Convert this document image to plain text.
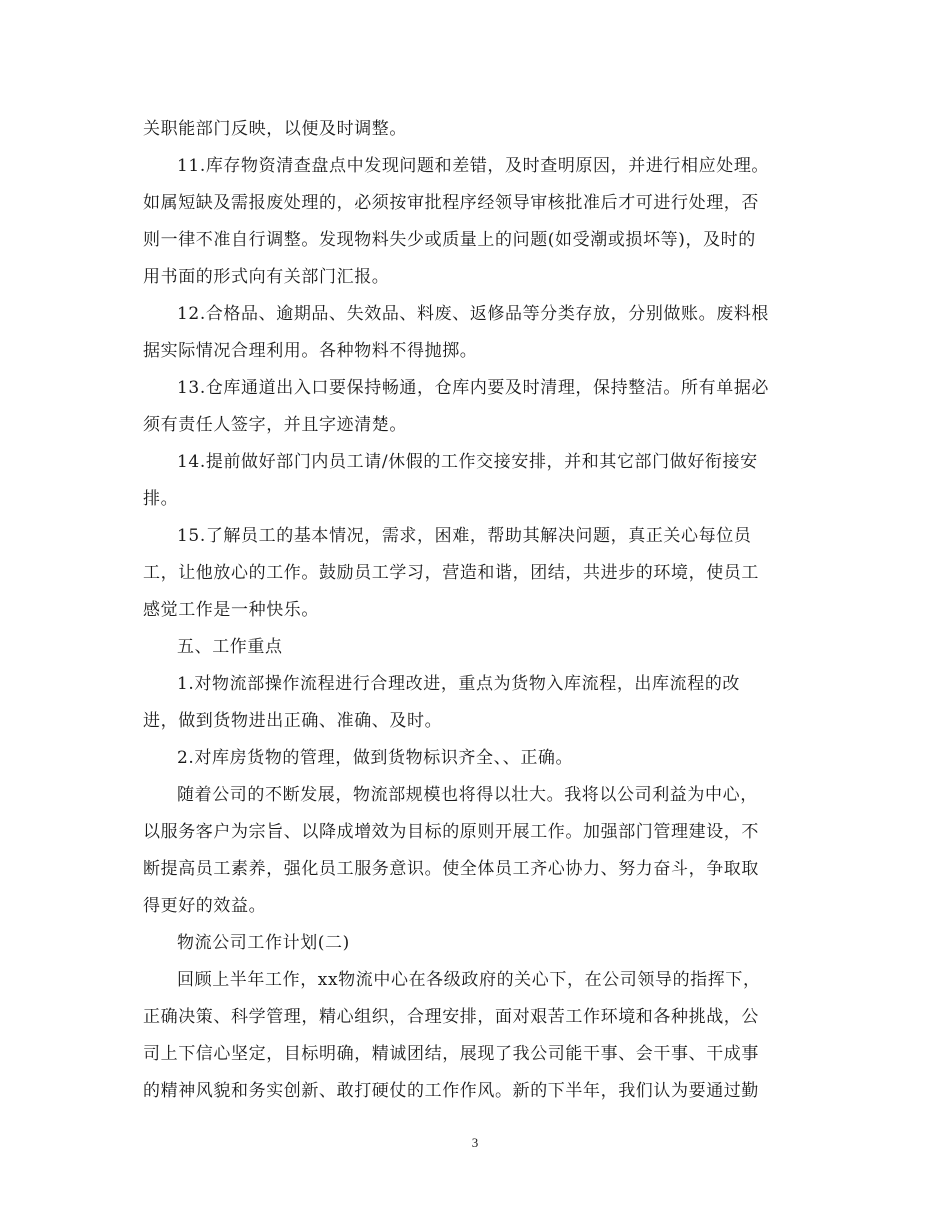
关职能部门反映，以便及时调整。
11.库存物资清查盘点中发现问题和差错，及时查明原因，并进行相应处理。
如属短缺及需报废处理的，必须按审批程序经领导审核批准后才可进行处理，否
则一律不准自行调整。发现物料失少或质量上的问题(如受潮或损坏等)，及时的
用书面的形式向有关部门汇报。
12.合格品、逾期品、失效品、料废、返修品等分类存放，分别做账。废料根
据实际情况合理利用。各种物料不得抛掷。
13.仓库通道出入口要保持畅通，仓库内要及时清理，保持整洁。所有单据必
须有责任人签字，并且字迹清楚。
14.提前做好部门内员工请/休假的工作交接安排，并和其它部门做好衔接安
排。
15.了解员工的基本情况，需求，困难，帮助其解决问题，真正关心每位员
工，让他放心的工作。鼓励员工学习，营造和谐，团结，共进步的环境，使员工
感觉工作是一种快乐。
五、工作重点
1.对物流部操作流程进行合理改进，重点为货物入库流程，出库流程的改
进，做到货物进出正确、准确、及时。
2.对库房货物的管理，做到货物标识齐全、、正确。
随着公司的不断发展，物流部规模也将得以壮大。我将以公司利益为中心，
以服务客户为宗旨、以降成增效为目标的原则开展工作。加强部门管理建设，不
断提高员工素养，强化员工服务意识。使全体员工齐心协力、努力奋斗，争取取
得更好的效益。
物流公司工作计划(二)
回顾上半年工作，xx物流中心在各级政府的关心下，在公司领导的指挥下，
正确决策、科学管理，精心组织，合理安排，面对艰苦工作环境和各种挑战，公
司上下信心坚定，目标明确，精诚团结，展现了我公司能干事、会干事、干成事
的精神风貌和务实创新、敢打硬仗的工作作风。新的下半年，我们认为要通过勤
3
